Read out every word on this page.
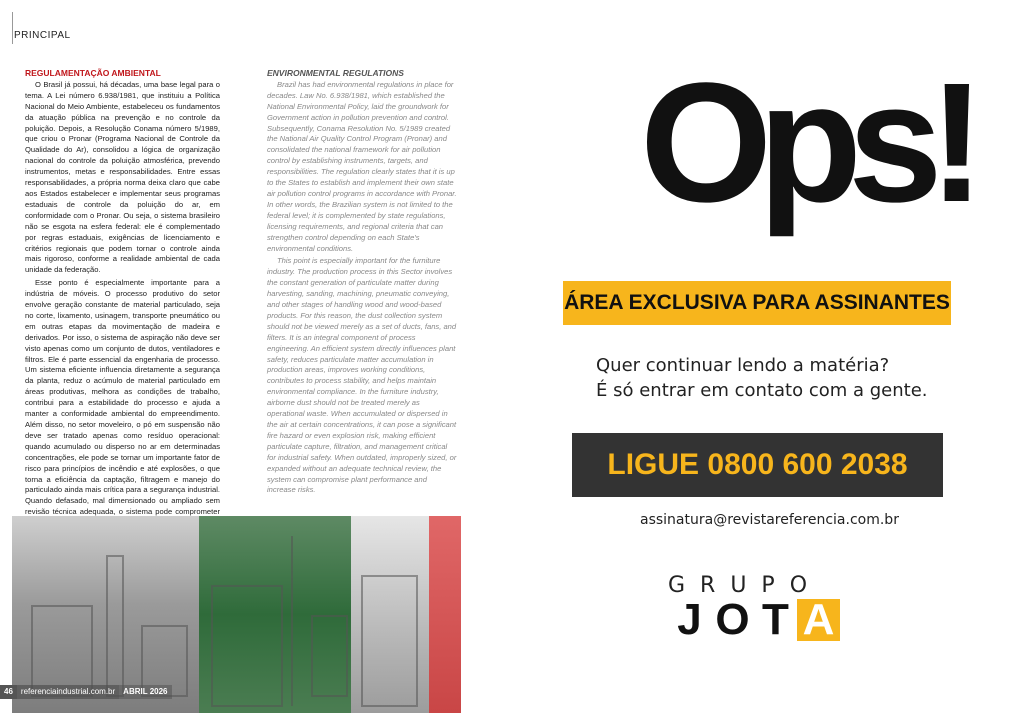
PRINCIPAL
REGULAMENTAÇÃO AMBIENTAL

O Brasil já possui, há décadas, uma base legal para o tema. A Lei número 6.938/1981, que instituiu a Política Nacional do Meio Ambiente, estabeleceu os fundamentos da atuação pública na prevenção e no controle da poluição. Depois, a Resolução Conama número 5/1989, que criou o Pronar (Programa Nacional de Controle da Qualidade do Ar), consolidou a lógica de organização nacional do controle da poluição atmosférica, prevendo instrumentos, metas e responsabilidades. Entre essas responsabilidades, a própria norma deixa claro que cabe aos Estados estabelecer e implementar seus programas estaduais de controle da poluição do ar, em conformidade com o Pronar. Ou seja, o sistema brasileiro não se esgota na esfera federal: ele é complementado por regras estaduais, exigências de licenciamento e critérios regionais que podem tornar o controle ainda mais rigoroso, conforme a realidade ambiental de cada unidade da federação.

Esse ponto é especialmente importante para a indústria de móveis. O processo produtivo do setor envolve geração constante de material particulado, seja no corte, lixamento, usinagem, transporte pneumático ou em outras etapas da movimentação de madeira e derivados. Por isso, o sistema de aspiração não deve ser visto apenas como um conjunto de dutos, ventiladores e filtros. Ele é parte essencial da engenharia de processo. Um sistema eficiente influencia diretamente a segurança da planta, reduz o acúmulo de material particulado em áreas produtivas, melhora as condições de trabalho, contribui para a estabilidade do processo e ajuda a manter a conformidade ambiental do empreendimento. Além disso, no setor moveleiro, o pó em suspensão não deve ser tratado apenas como resíduo operacional: quando acumulado ou disperso no ar em determinadas concentrações, ele pode se tornar um importante fator de risco para princípios de incêndio e até explosões, o que torna a eficiência da captação, filtragem e manejo do particulado ainda mais crítica para a segurança industrial. Quando defasado, mal dimensionado ou ampliado sem revisão técnica adequada, o sistema pode comprometer

ENVIRONMENTAL REGULATIONS

Brazil has had environmental regulations in place for decades. Law No. 6.938/1981, which established the National Environmental Policy, laid the groundwork for Government action in pollution prevention and control. Subsequently, Conama Resolution No. 5/1989 created the National Air Quality Control Program (Pronar) and consolidated the national framework for air pollution control by establishing instruments, targets, and responsibilities. The regulation clearly states that it is up to the States to establish and implement their own state air pollution control programs in accordance with Pronar. In other words, the Brazilian system is not limited to the federal level; it is complemented by state regulations, licensing requirements, and regional criteria that can strengthen control depending on each State's environmental conditions.

This point is especially important for the furniture industry. The production process in this Sector involves the constant generation of particulate matter during harvesting, sanding, machining, pneumatic conveying, and other stages of handling wood and wood-based products. For this reason, the dust collection system should not be viewed merely as a set of ducts, fans, and filters. It is an integral component of process engineering. An efficient system directly influences plant safety, reduces particulate matter accumulation in production areas, improves working conditions, contributes to process stability, and helps maintain environmental compliance. In the furniture industry, airborne dust should not be treated merely as operational waste. When accumulated or dispersed in the air at certain concentrations, it can pose a significant fire hazard or even explosion risk, making efficient particulate capture, filtration, and management critical for industrial safety. When outdated, improperly sized, or expanded without an adequate technical review, the system can compromise plant performance and increase risks.

46	referenciaindustrial.com.br	ABRIL 2026
Ops!
ÁREA EXCLUSIVA PARA ASSINANTES
Quer continuar lendo a matéria?
É só entrar em contato com a gente.
LIGUE 0800 600 2038
assinatura@revistareferencia.com.br
GRUPO
J O T A
